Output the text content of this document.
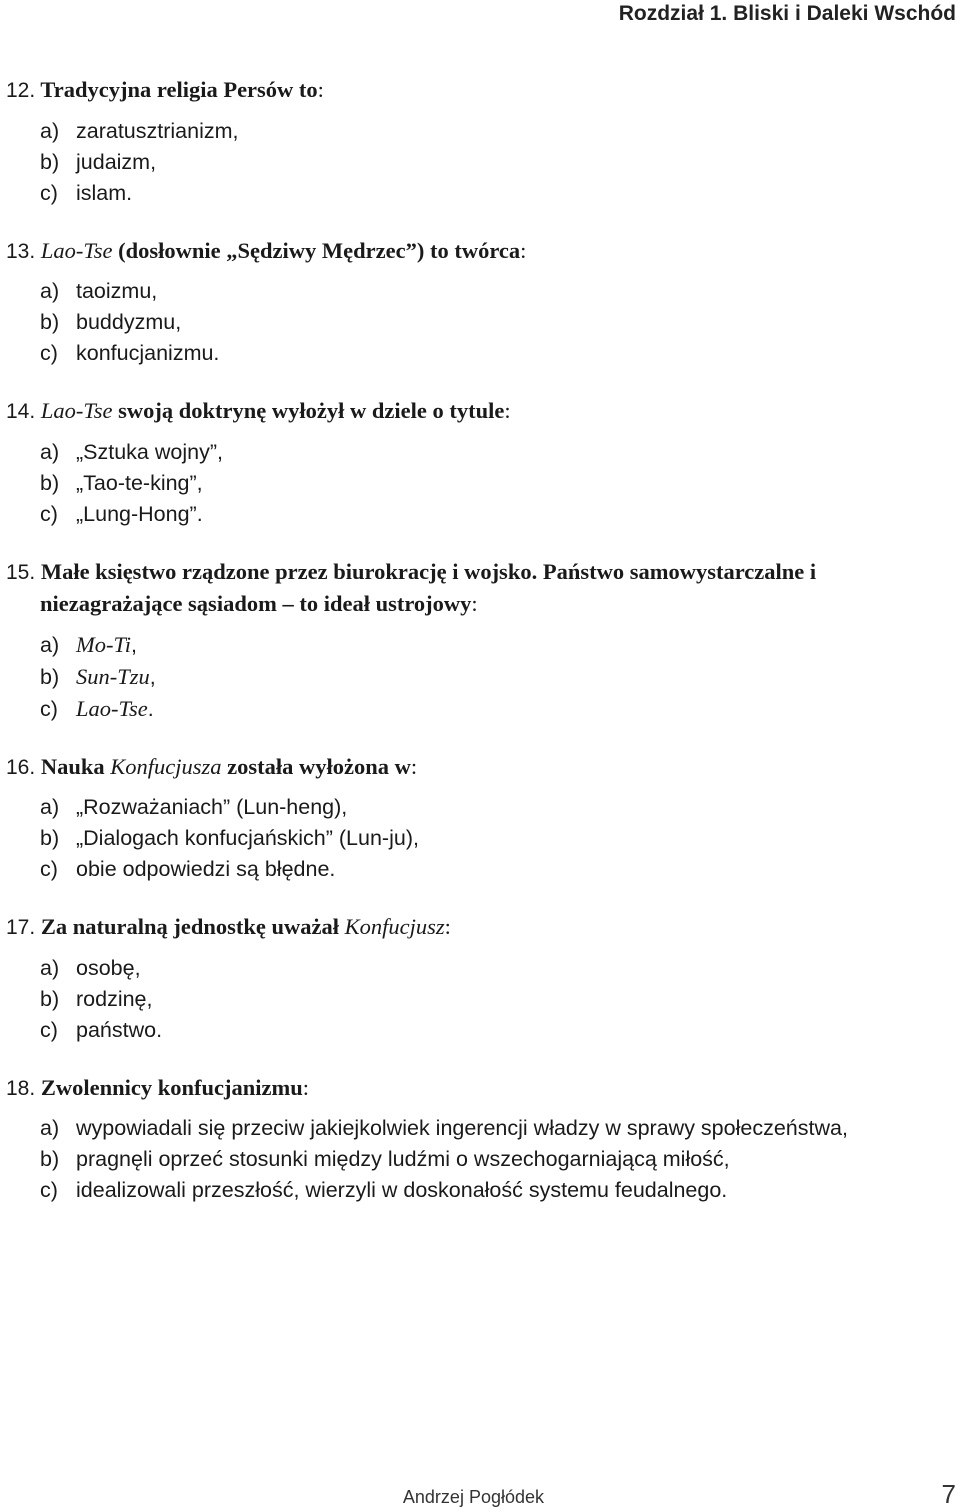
Rozdział 1. Bliski i Daleki Wschód
12. Tradycyjna religia Persów to:
a) zaratusztrianizm,
b) judaizm,
c) islam.
13. Lao-Tse (dosłownie „Sędziwy Mędrzec”) to twórca:
a) taoizmu,
b) buddyzmu,
c) konfucjanizmu.
14. Lao-Tse swoją doktrynę wyłożył w dziele o tytule:
a) „Sztuka wojny”,
b) „Tao-te-king”,
c) „Lung-Hong”.
15. Małe księstwo rządzone przez biurokrację i wojsko. Państwo samowystarczalne i niezagrażające sąsiadom – to ideał ustrojowy:
a) Mo-Ti,
b) Sun-Tzu,
c) Lao-Tse.
16. Nauka Konfucjusza została wyłożona w:
a) „Rozważaniach” (Lun-heng),
b) „Dialogach konfucjańskich” (Lun-ju),
c) obie odpowiedzi są błędne.
17. Za naturalną jednostkę uważał Konfucjusz:
a) osobę,
b) rodzinę,
c) państwo.
18. Zwolennicy konfucjanizmu:
a) wypowiadali się przeciw jakiejkolwiek ingerencji władzy w sprawy społeczeństwa,
b) pragnęli oprzeć stosunki między ludźmi o wszechogarniającą miłość,
c) idealizowali przeszłość, wierzyli w doskonałość systemu feudalnego.
Andrzej Pogłódek	7
